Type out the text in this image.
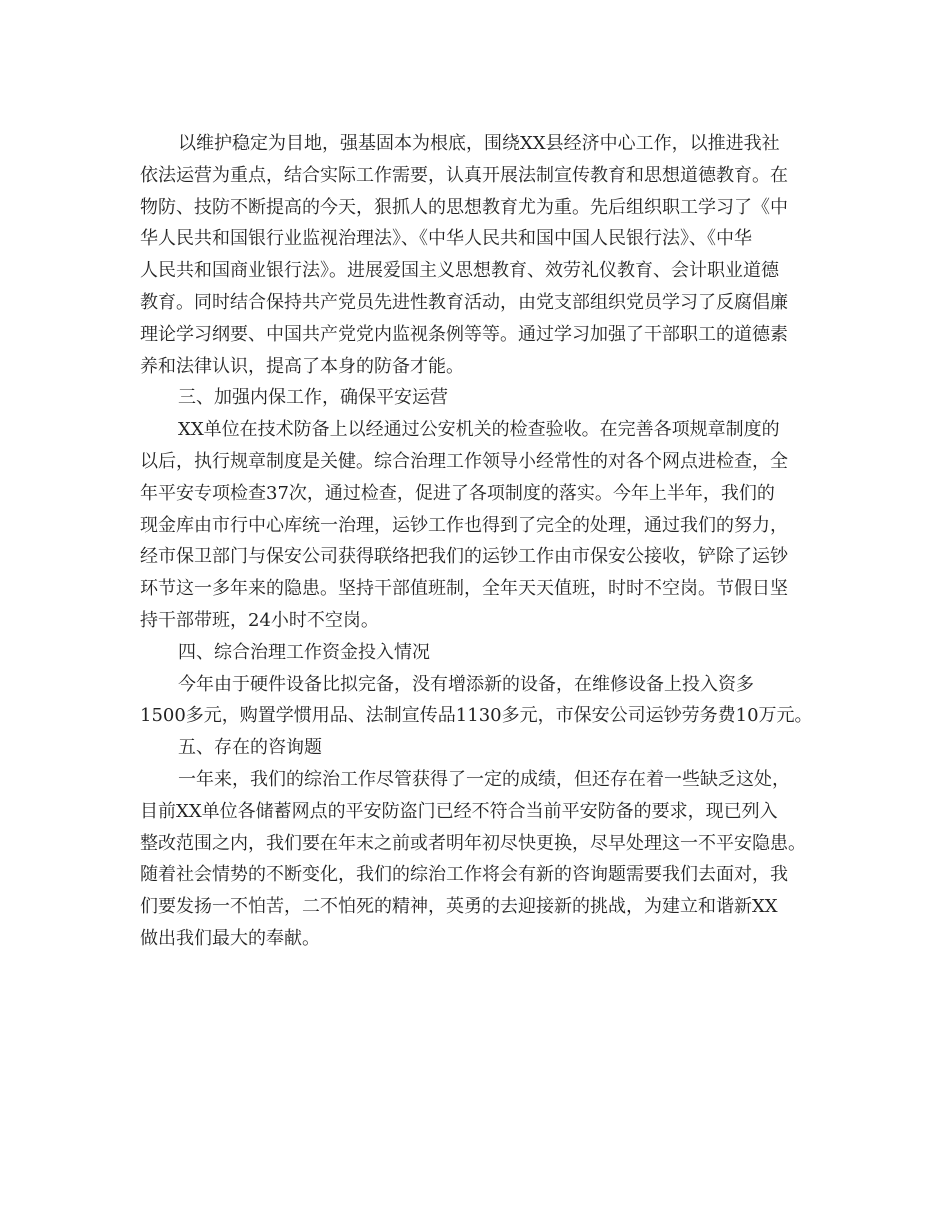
以维护稳定为目地，强基固本为根底，围绕XX县经济中心工作，以推进我社
依法运营为重点，结合实际工作需要，认真开展法制宣传教育和思想道德教育。在
物防、技防不断提高的今天，狠抓人的思想教育尤为重。先后组织职工学习了《中
华人民共和国银行业监视治理法》、《中华人民共和国中国人民银行法》、《中华
人民共和国商业银行法》。进展爱国主义思想教育、效劳礼仪教育、会计职业道德
教育。同时结合保持共产党员先进性教育活动，由党支部组织党员学习了反腐倡廉
理论学习纲要、中国共产党党内监视条例等等。通过学习加强了干部职工的道德素
养和法律认识，提高了本身的防备才能。
三、加强内保工作，确保平安运营
XX单位在技术防备上以经通过公安机关的检查验收。在完善各项规章制度的
以后，执行规章制度是关健。综合治理工作领导小经常性的对各个网点进检查，全
年平安专项检查37次，通过检查，促进了各项制度的落实。今年上半年，我们的
现金库由市行中心库统一治理，运钞工作也得到了完全的处理，通过我们的努力，
经市保卫部门与保安公司获得联络把我们的运钞工作由市保安公接收，铲除了运钞
环节这一多年来的隐患。坚持干部值班制，全年天天值班，时时不空岗。节假日坚
持干部带班，24小时不空岗。
四、综合治理工作资金投入情况
今年由于硬件设备比拟完备，没有增添新的设备，在维修设备上投入资多
1500多元，购置学惯用品、法制宣传品1130多元，市保安公司运钞劳务费10万元。
五、存在的咨询题
一年来，我们的综治工作尽管获得了一定的成绩，但还存在着一些缺乏这处，
目前XX单位各储蓄网点的平安防盗门已经不符合当前平安防备的要求，现已列入
整改范围之内，我们要在年末之前或者明年初尽快更换，尽早处理这一不平安隐患。
随着社会情势的不断变化，我们的综治工作将会有新的咨询题需要我们去面对，我
们要发扬一不怕苦，二不怕死的精神，英勇的去迎接新的挑战，为建立和谐新XX
做出我们最大的奉献。
